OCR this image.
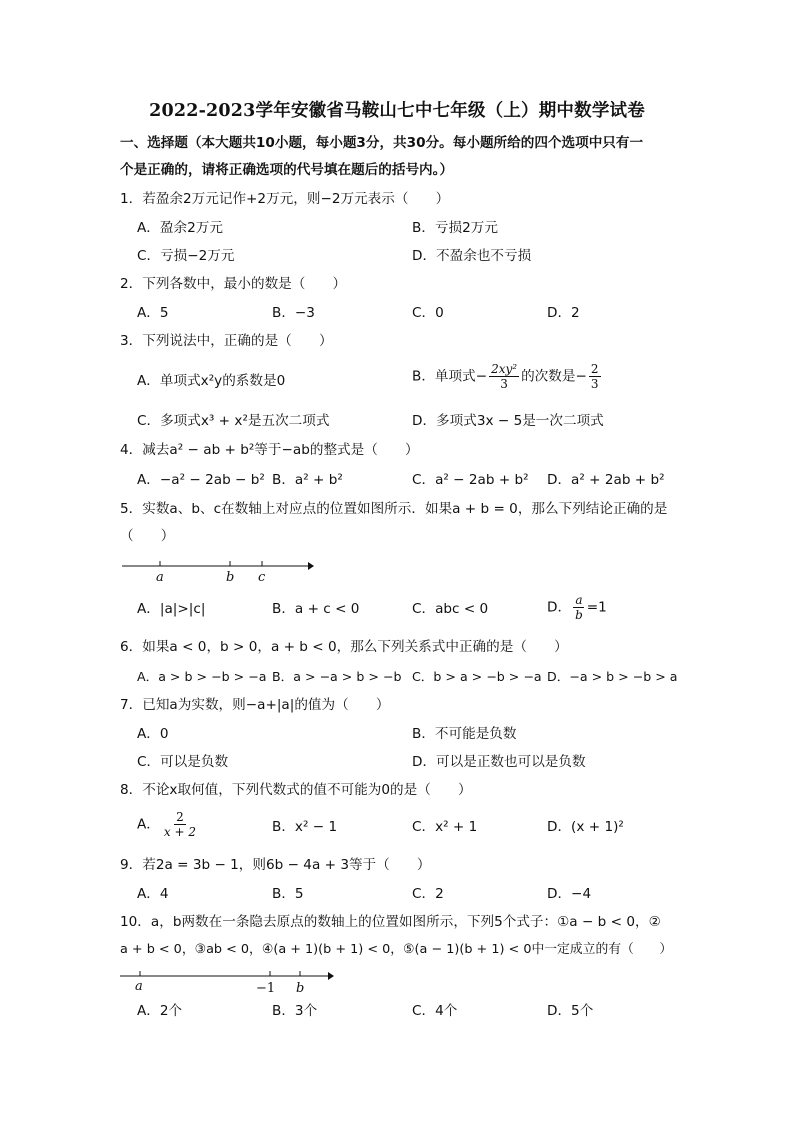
2022-2023学年安徽省马鞍山七中七年级（上）期中数学试卷
一、选择题（本大题共10小题，每小题3分，共30分。每小题所给的四个选项中只有一
个是正确的，请将正确选项的代号填在题后的括号内。）
1．若盈余2万元记作+2万元，则−2万元表示（　　）
A．盈余2万元	B．亏损2万元
C．亏损−2万元	D．不盈余也不亏损
2．下列各数中，最小的数是（　　）
A．5	B．−3	C．0	D．2
3．下列说法中，正确的是（　　）
A．单项式x²y的系数是0	B．单项式− $\frac{\text{2xy²}}{3}$ 的次数是− $\frac{2}{3}$
C．多项式x³ + x²是五次二项式	D．多项式3x − 5是一次二项式
4．减去a² − ab + b²等于−ab的整式是（　　）
A．−a² − 2ab − b² B．a² + b²	C．a² − 2ab + b² D．a² + 2ab + b²
5．实数a、b、c在数轴上对应点的位置如图所示．如果a + b = 0，那么下列结论正确的是
（　　）
a	b c
A．|a|>|c|	B．a + c < 0	C．abc < 0	D． $\frac{a}{b} =1$
6．如果a < 0，b > 0，a + b < 0，那么下列关系式中正确的是（　　）
A．a > b > −b > −a B．a > −a > b > −b C．b > a > −b > −a D．−a > b > −b > a
7．已知a为实数，则−a+|a|的值为（　　）
A．0	B．不可能是负数
C．可以是负数	D．可以是正数也可以是负数
8．不论x取何值，下列代数式的值不可能为0的是（　　）
A． $\frac{2}{x + 2}$	B．x² − 1	C．x² + 1	D．(x + 1)²
9．若2a = 3b − 1，则6b − 4a + 3等于（　　）
A．4	B．5	C．2	D．−4
10．a，b两数在一条隐去原点的数轴上的位置如图所示，下列5个式子：①a − b < 0，②
a + b < 0，③ab < 0，④(a + 1)(b + 1) < 0，⑤(a − 1)(b + 1) < 0中一定成立的有（　　）
a	−1 b
A．2个	B．3个	C．4个	D．5个
